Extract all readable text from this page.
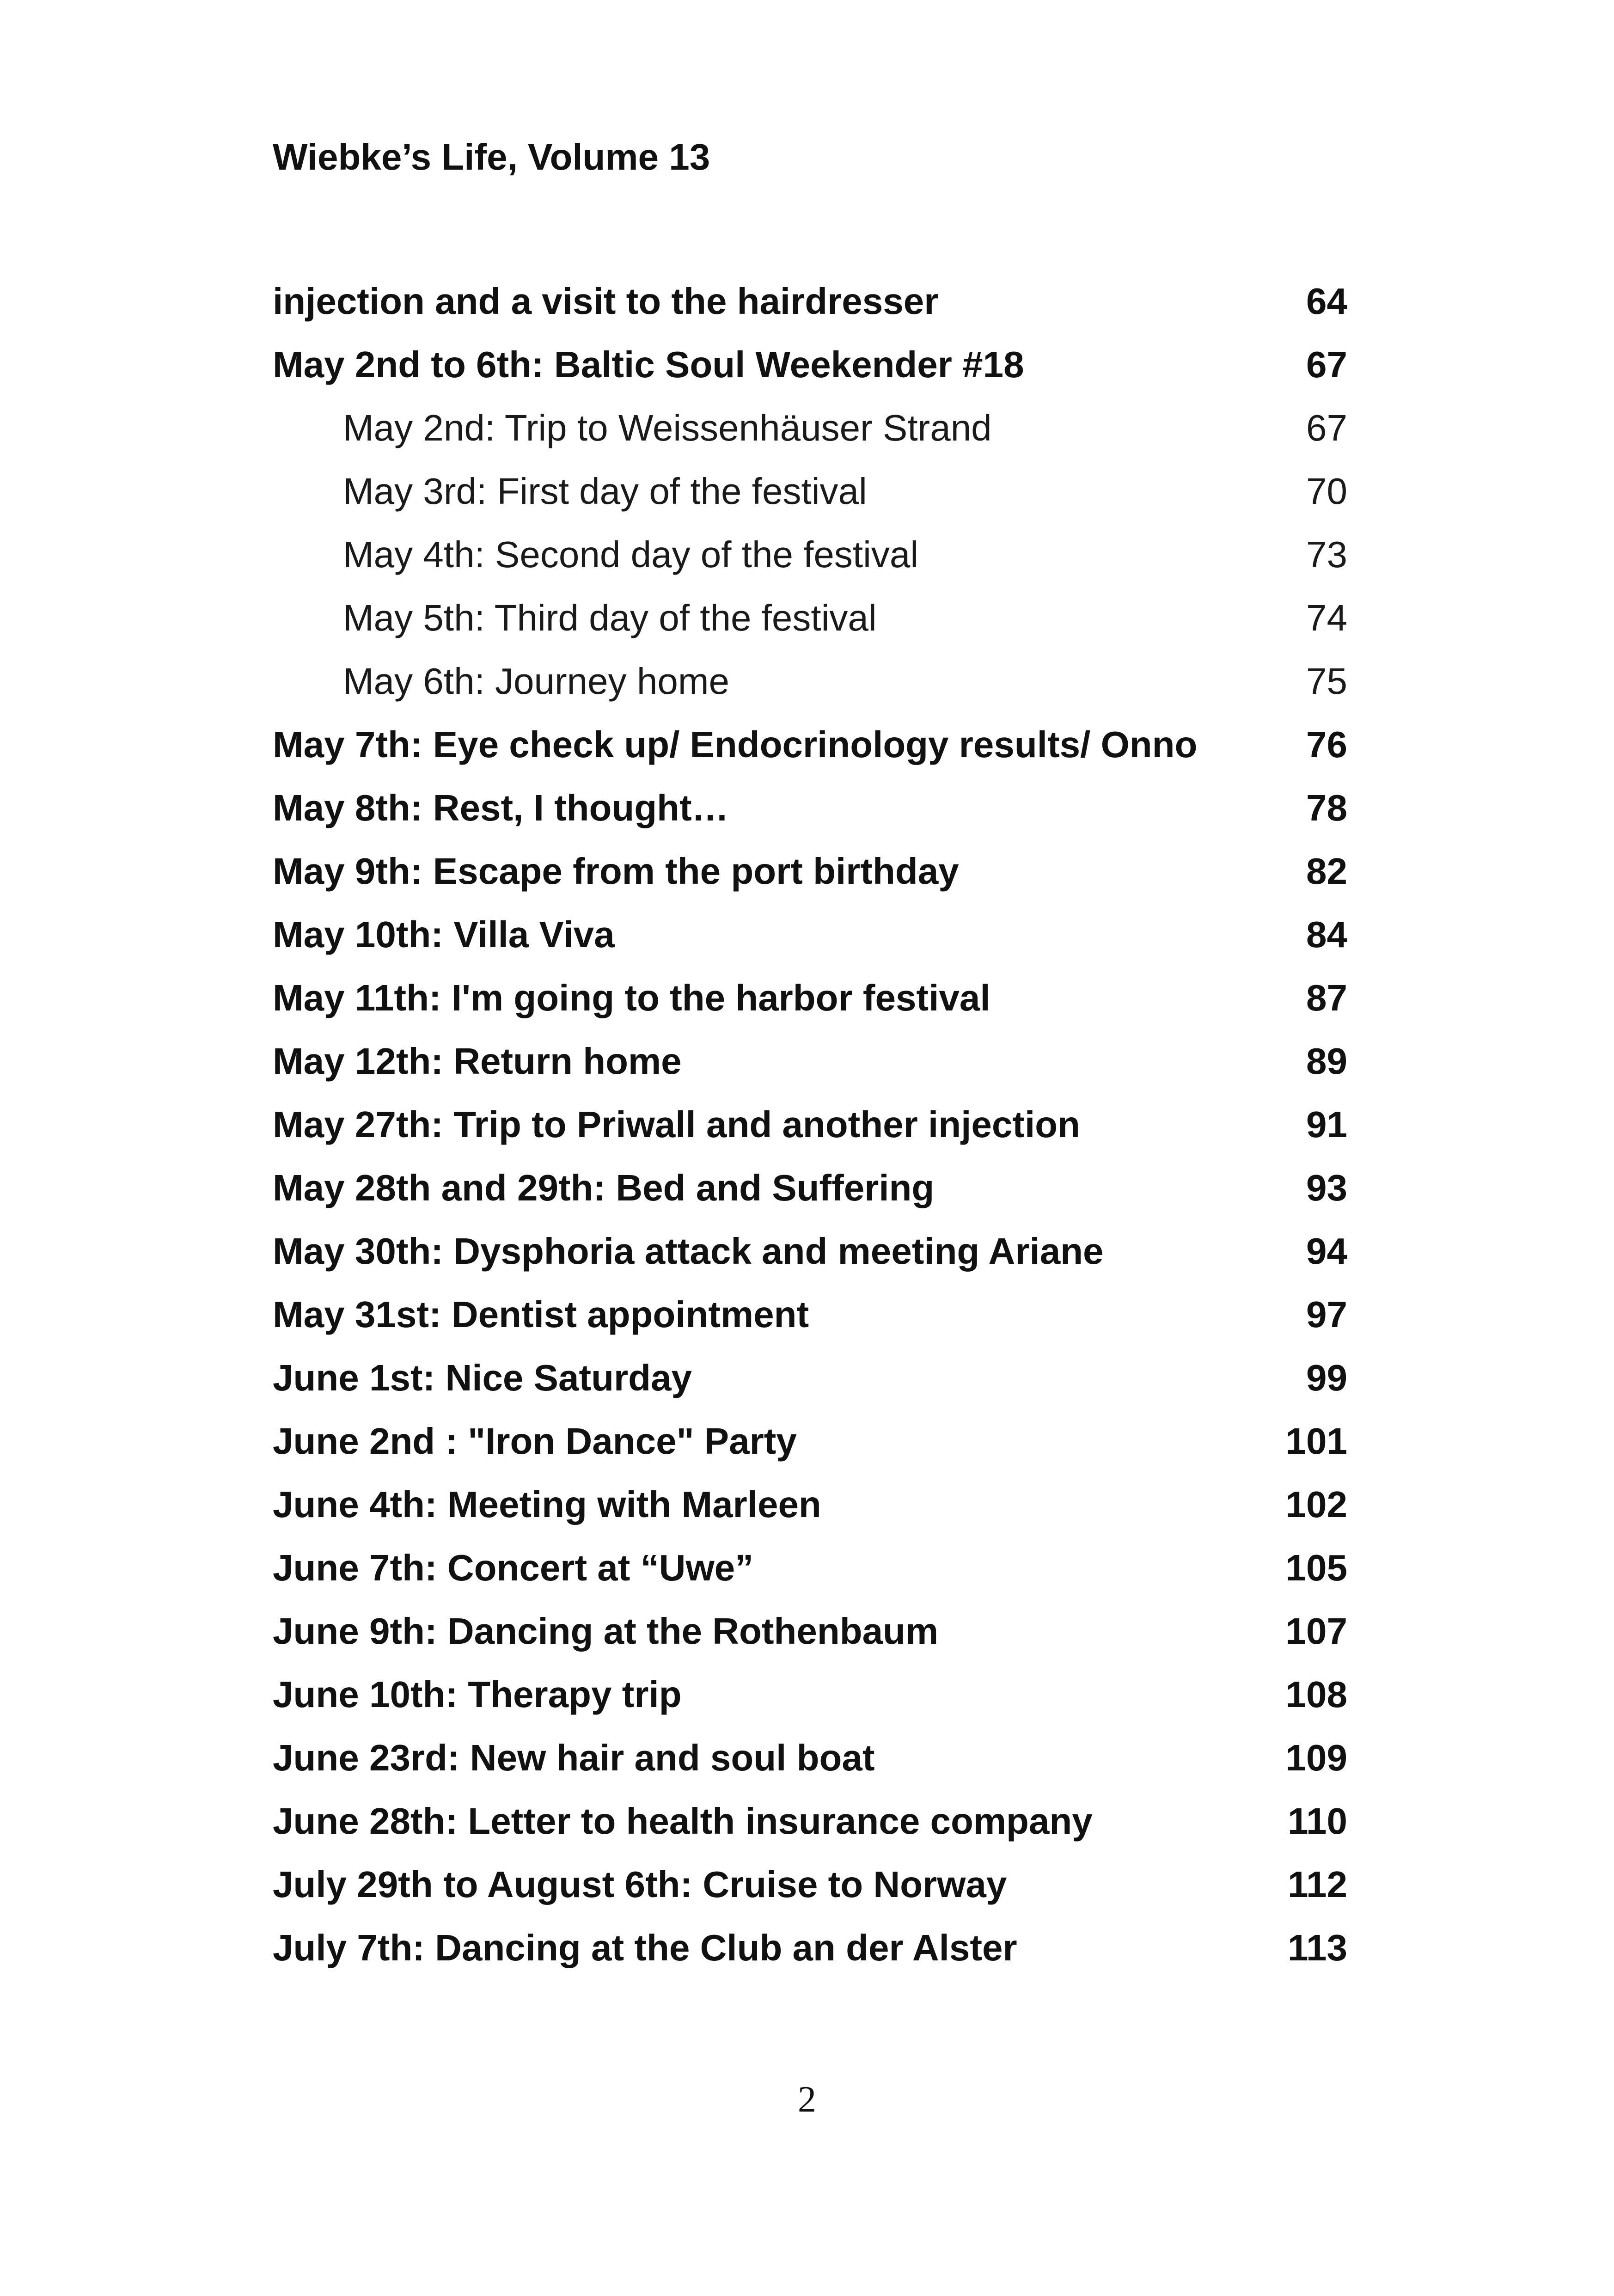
Wiebke’s Life, Volume 13
injection and a visit to the hairdresser	64
May 2nd to 6th: Baltic Soul Weekender #18	67
May 2nd: Trip to Weissenhäuser Strand	67
May 3rd: First day of the festival	70
May 4th: Second day of the festival	73
May 5th: Third day of the festival	74
May 6th: Journey home	75
May 7th: Eye check up/ Endocrinology results/ Onno	76
May 8th: Rest, I thought…	78
May 9th: Escape from the port birthday	82
May 10th: Villa Viva	84
May 11th: I'm going to the harbor festival	87
May 12th: Return home	89
May 27th: Trip to Priwall and another injection	91
May 28th and 29th: Bed and Suffering	93
May 30th: Dysphoria attack and meeting Ariane	94
May 31st: Dentist appointment	97
June 1st: Nice Saturday	99
June 2nd : "Iron Dance" Party	101
June 4th: Meeting with Marleen	102
June 7th: Concert at “Uwe”	105
June 9th: Dancing at the Rothenbaum	107
June 10th: Therapy trip	108
June 23rd: New hair and soul boat	109
June 28th: Letter to health insurance company	110
July 29th to August 6th: Cruise to Norway	112
July 7th: Dancing at the Club an der Alster	113
2
